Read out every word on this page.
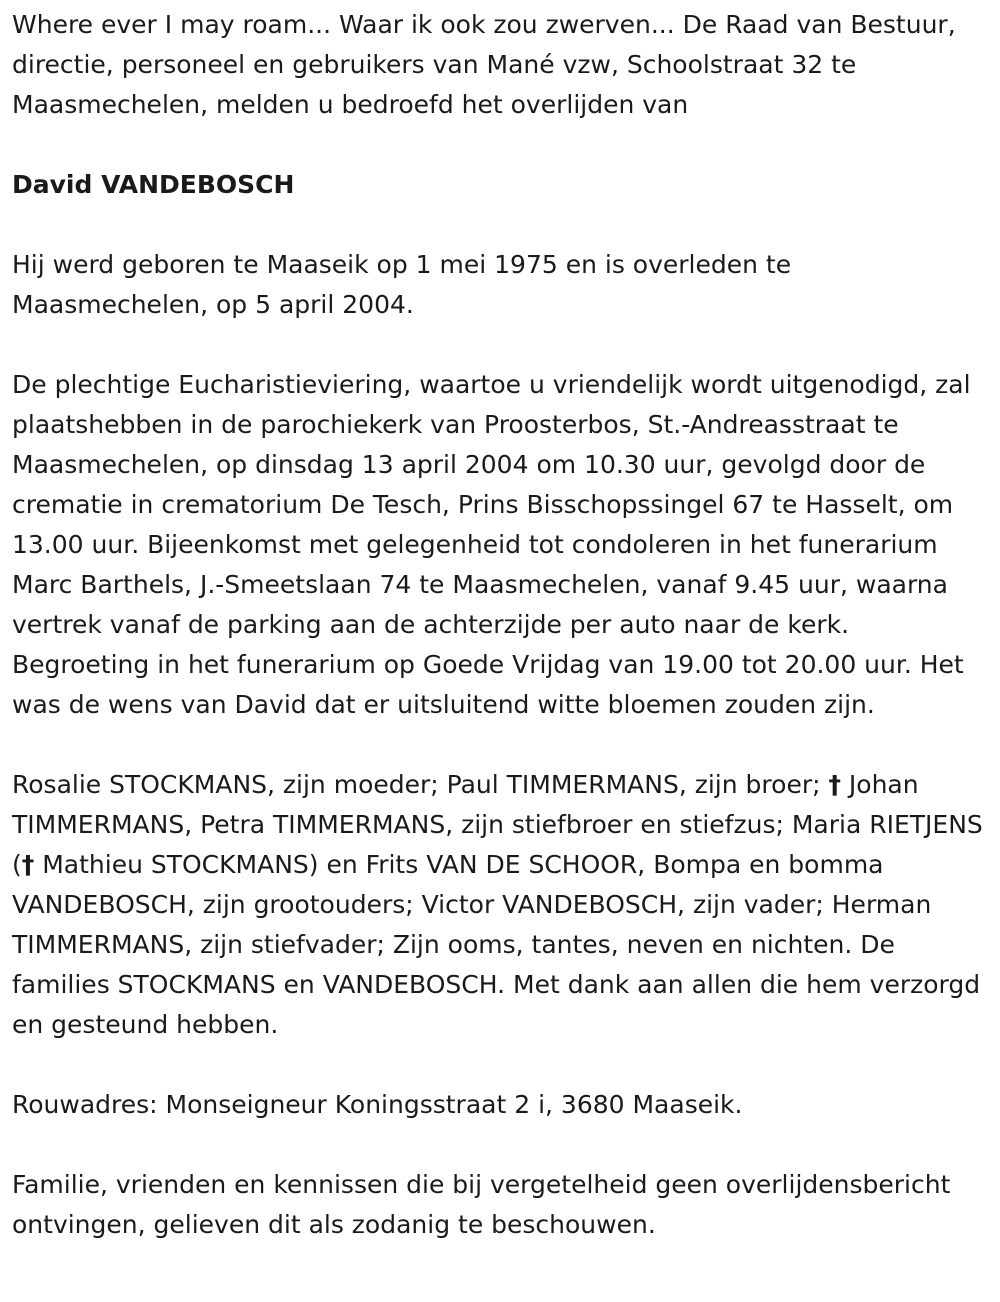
Where ever I may roam... Waar ik ook zou zwerven... De Raad van Bestuur, directie, personeel en gebruikers van Mané vzw, Schoolstraat 32 te Maasmechelen, melden u bedroefd het overlijden van

David VANDEBOSCH

Hij werd geboren te Maaseik op 1 mei 1975 en is overleden te Maasmechelen, op 5 april 2004.

De plechtige Eucharistieviering, waartoe u vriendelijk wordt uitgenodigd, zal plaatshebben in de parochiekerk van Proosterbos, St.-Andreasstraat te Maasmechelen, op dinsdag 13 april 2004 om 10.30 uur, gevolgd door de crematie in crematorium De Tesch, Prins Bisschopssingel 67 te Hasselt, om 13.00 uur. Bijeenkomst met gelegenheid tot condoleren in het funerarium Marc Barthels, J.-Smeetslaan 74 te Maasmechelen, vanaf 9.45 uur, waarna vertrek vanaf de parking aan de achterzijde per auto naar de kerk. Begroeting in het funerarium op Goede Vrijdag van 19.00 tot 20.00 uur. Het was de wens van David dat er uitsluitend witte bloemen zouden zijn.

Rosalie STOCKMANS, zijn moeder; Paul TIMMERMANS, zijn broer; † Johan TIMMERMANS, Petra TIMMERMANS, zijn stiefbroer en stiefzus; Maria RIETJENS († Mathieu STOCKMANS) en Frits VAN DE SCHOOR, Bompa en bomma VANDEBOSCH, zijn grootouders; Victor VANDEBOSCH, zijn vader; Herman TIMMERMANS, zijn stiefvader; Zijn ooms, tantes, neven en nichten. De families STOCKMANS en VANDEBOSCH. Met dank aan allen die hem verzorgd en gesteund hebben.

Rouwadres: Monseigneur Koningsstraat 2 i, 3680 Maaseik.

Familie, vrienden en kennissen die bij vergetelheid geen overlijdensbericht ontvingen, gelieven dit als zodanig te beschouwen.
